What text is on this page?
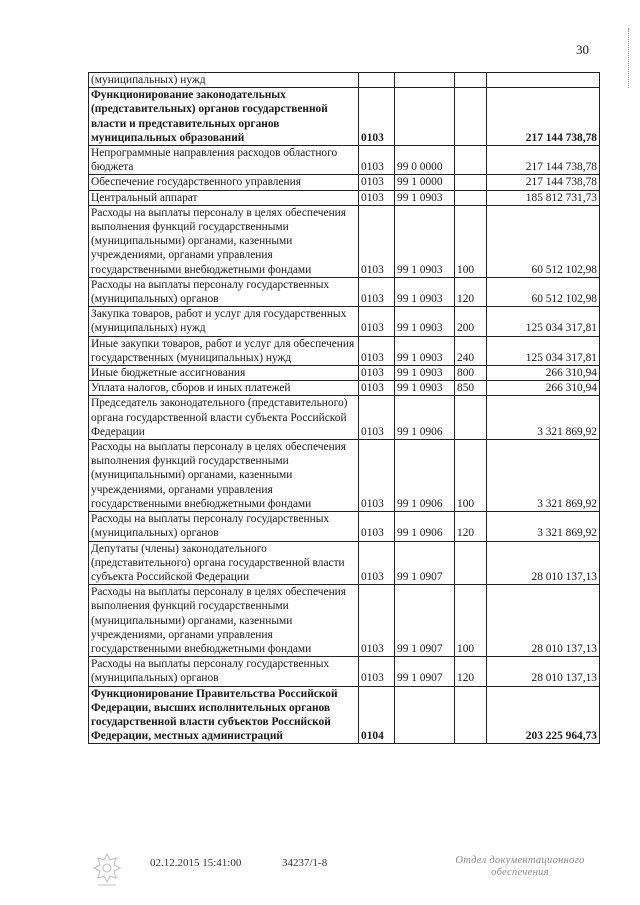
30
(муниципальных) нужд				
Функционирование законодательных (представительных) органов государственной власти и представительных органов муниципальных образований	0103			217 144 738,78
Непрограммные направления расходов областного бюджета	0103	99 0 0000		217 144 738,78
Обеспечение государственного управления	0103	99 1 0000		217 144 738,78
Центральный аппарат	0103	99 1 0903		185 812 731,73
Расходы на выплаты персоналу в целях обеспечения выполнения функций государственными (муниципальными) органами, казенными учреждениями, органами управления государственными внебюджетными фондами	0103	99 1 0903	100	60 512 102,98
Расходы на выплаты персоналу государственных (муниципальных) органов	0103	99 1 0903	120	60 512 102,98
Закупка товаров, работ и услуг для государственных (муниципальных) нужд	0103	99 1 0903	200	125 034 317,81
Иные закупки товаров, работ и услуг для обеспечения государственных (муниципальных) нужд	0103	99 1 0903	240	125 034 317,81
Иные бюджетные ассигнования	0103	99 1 0903	800	266 310,94
Уплата налогов, сборов и иных платежей	0103	99 1 0903	850	266 310,94
Председатель законодательного (представительного) органа государственной власти субъекта Российской Федерации	0103	99 1 0906		3 321 869,92
Расходы на выплаты персоналу в целях обеспечения выполнения функций государственными (муниципальными) органами, казенными учреждениями, органами управления государственными внебюджетными фондами	0103	99 1 0906	100	3 321 869,92
Расходы на выплаты персоналу государственных (муниципальных) органов	0103	99 1 0906	120	3 321 869,92
Депутаты (члены) законодательного (представительного) органа государственной власти субъекта Российской Федерации	0103	99 1 0907		28 010 137,13
Расходы на выплаты персоналу в целях обеспечения выполнения функций государственными (муниципальными) органами, казенными учреждениями, органами управления государственными внебюджетными фондами	0103	99 1 0907	100	28 010 137,13
Расходы на выплаты персоналу государственных (муниципальных) органов	0103	99 1 0907	120	28 010 137,13
Функционирование Правительства Российской Федерации, высших исполнительных органов государственной власти субъектов Российской Федерации, местных администраций	0104			203 225 964,73
02.12.2015 15:41:00	34237/1-8	Отдел документационного
обеспечения
